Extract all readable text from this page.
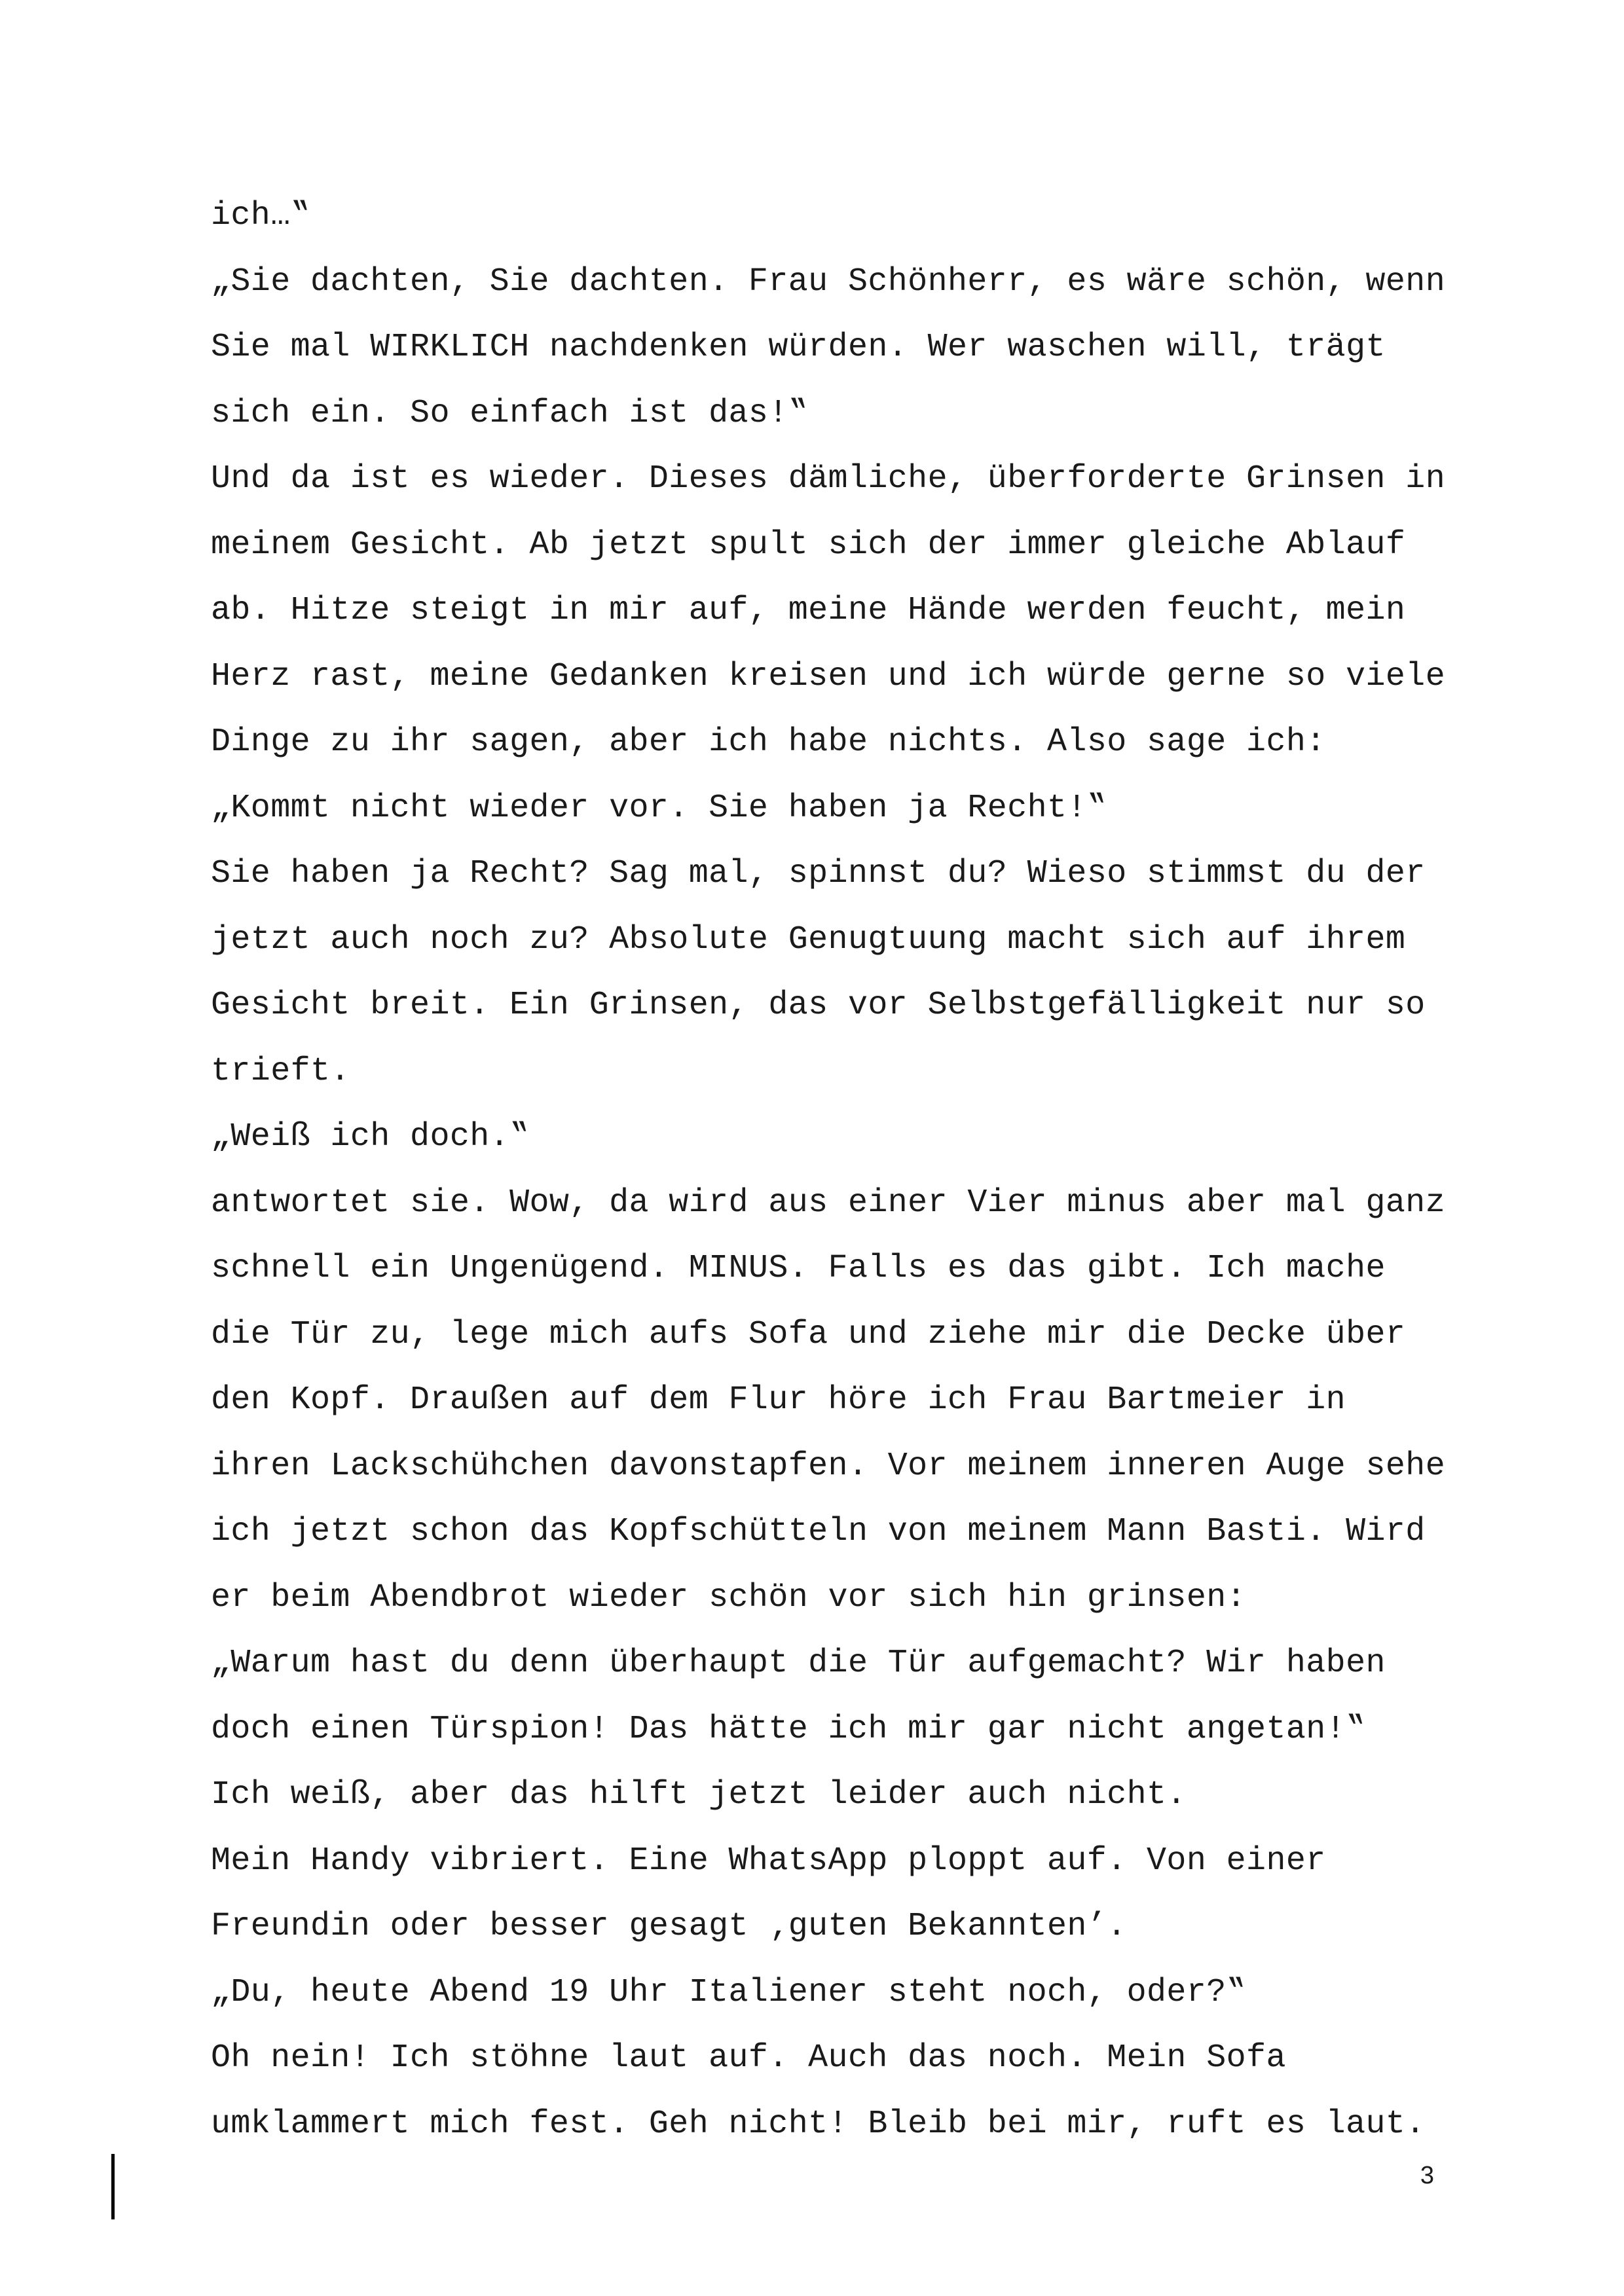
ich…‟
„Sie dachten, Sie dachten. Frau Schönherr, es wäre schön, wenn
Sie mal WIRKLICH nachdenken würden. Wer waschen will, trägt
sich ein. So einfach ist das!‟
Und da ist es wieder. Dieses dämliche, überforderte Grinsen in
meinem Gesicht. Ab jetzt spult sich der immer gleiche Ablauf
ab. Hitze steigt in mir auf, meine Hände werden feucht, mein
Herz rast, meine Gedanken kreisen und ich würde gerne so viele
Dinge zu ihr sagen, aber ich habe nichts. Also sage ich:
„Kommt nicht wieder vor. Sie haben ja Recht!‟
Sie haben ja Recht? Sag mal, spinnst du? Wieso stimmst du der
jetzt auch noch zu? Absolute Genugtuung macht sich auf ihrem
Gesicht breit. Ein Grinsen, das vor Selbstgefälligkeit nur so
trieft.
„Weiß ich doch.‟
antwortet sie. Wow, da wird aus einer Vier minus aber mal ganz
schnell ein Ungenügend. MINUS. Falls es das gibt. Ich mache
die Tür zu, lege mich aufs Sofa und ziehe mir die Decke über
den Kopf. Draußen auf dem Flur höre ich Frau Bartmeier in
ihren Lackschühchen davonstapfen. Vor meinem inneren Auge sehe
ich jetzt schon das Kopfschütteln von meinem Mann Basti. Wird
er beim Abendbrot wieder schön vor sich hin grinsen:
„Warum hast du denn überhaupt die Tür aufgemacht? Wir haben
doch einen Türspion! Das hätte ich mir gar nicht angetan!‟
Ich weiß, aber das hilft jetzt leider auch nicht.
Mein Handy vibriert. Eine WhatsApp ploppt auf. Von einer
Freundin oder besser gesagt ‚guten Bekannten’.
„Du, heute Abend 19 Uhr Italiener steht noch, oder?‟
Oh nein! Ich stöhne laut auf. Auch das noch. Mein Sofa
umklammert mich fest. Geh nicht! Bleib bei mir, ruft es laut.
3
